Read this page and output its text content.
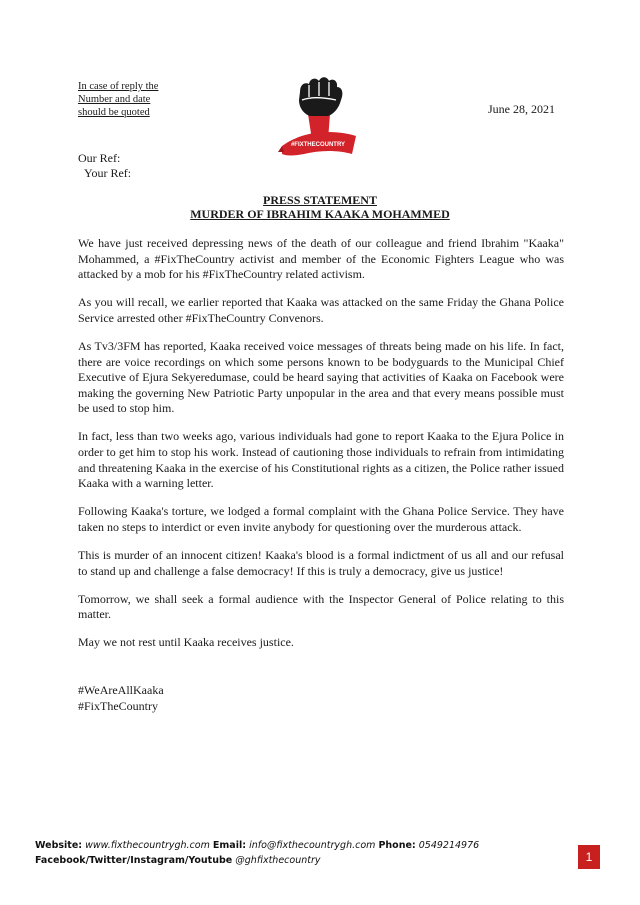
In case of reply the
Number and date
should be quoted
#FIXTHECOUNTRY
June 28, 2021
Our Ref:
Your Ref:
PRESS STATEMENT
MURDER OF IBRAHIM KAAKA MOHAMMED

We have just received depressing news of the death of our colleague and friend Ibrahim "Kaaka" Mohammed, a #FixTheCountry activist and member of the Economic Fighters League who was attacked by a mob for his #FixTheCountry related activism.

As you will recall, we earlier reported that Kaaka was attacked on the same Friday the Ghana Police Service arrested other #FixTheCountry Convenors.

As Tv3/3FM has reported, Kaaka received voice messages of threats being made on his life. In fact, there are voice recordings on which some persons known to be bodyguards to the Municipal Chief Executive of Ejura Sekyeredumase, could be heard saying that activities of Kaaka on Facebook were making the governing New Patriotic Party unpopular in the area and that every means possible must be used to stop him.

In fact, less than two weeks ago, various individuals had gone to report Kaaka to the Ejura Police in order to get him to stop his work. Instead of cautioning those individuals to refrain from intimidating and threatening Kaaka in the exercise of his Constitutional rights as a citizen, the Police rather issued Kaaka with a warning letter.

Following Kaaka's torture, we lodged a formal complaint with the Ghana Police Service. They have taken no steps to interdict or even invite anybody for questioning over the murderous attack.

This is murder of an innocent citizen! Kaaka's blood is a formal indictment of us all and our refusal to stand up and challenge a false democracy! If this is truly a democracy, give us justice!

Tomorrow, we shall seek a formal audience with the Inspector General of Police relating to this matter.

May we not rest until Kaaka receives justice.

#WeAreAllKaaka
#FixTheCountry
Website: www.fixthecountrygh.com Email: info@fixthecountrygh.com Phone: 0549214976
Facebook/Twitter/Instagram/Youtube @ghfixthecountry	1
